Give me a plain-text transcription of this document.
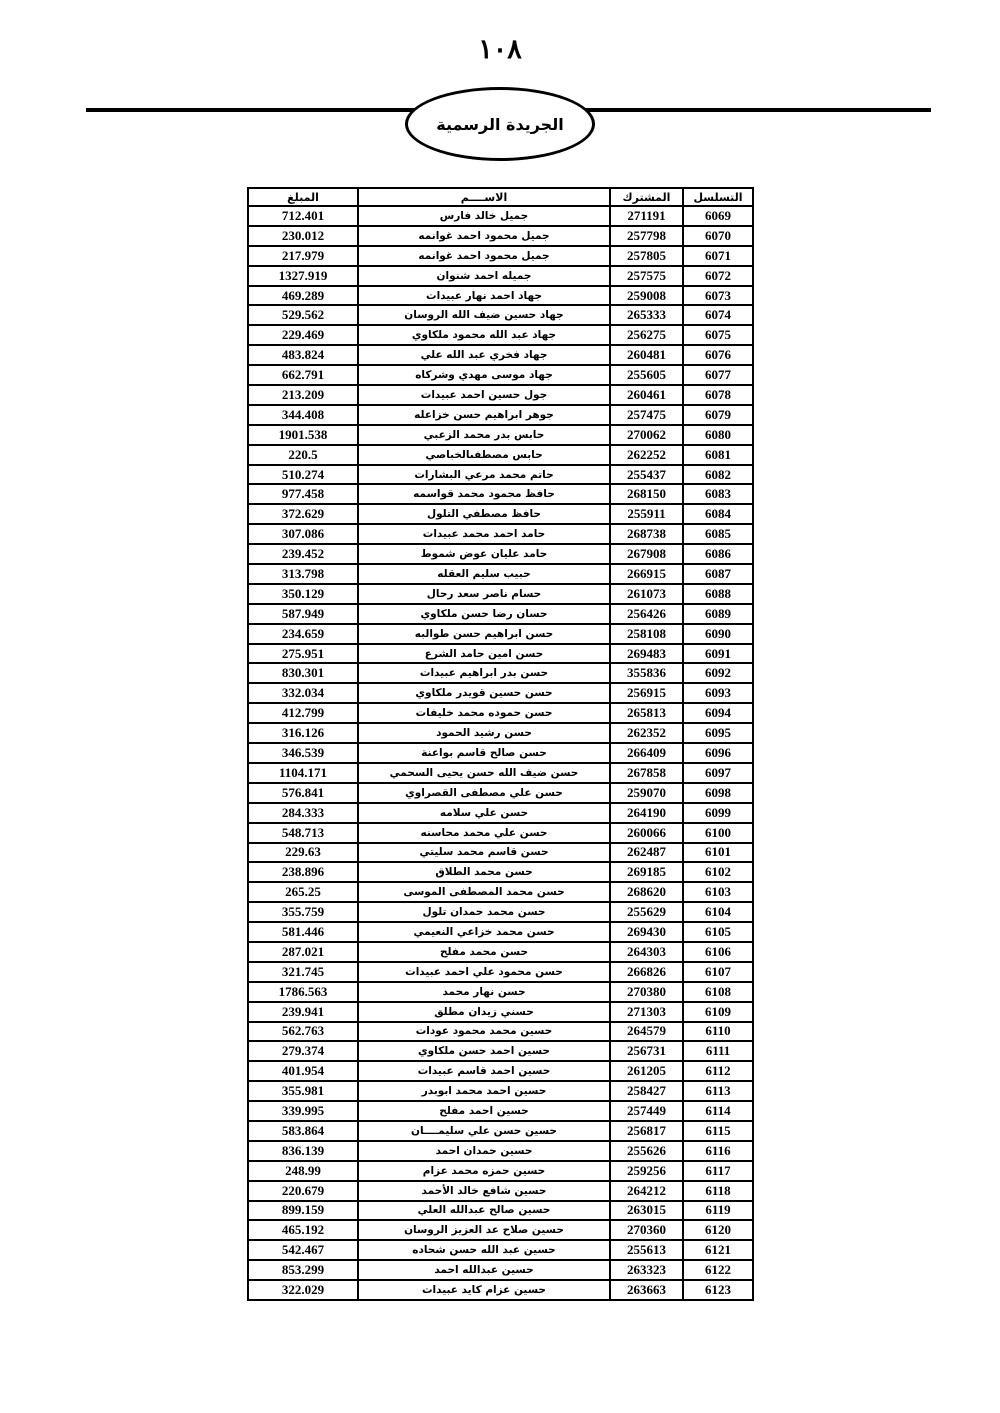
١٠٨
الجريدة الرسمية
التسلسل	المشترك	الاســــم	المبلغ
6069	271191	جميل خالد فارس	712.401
6070	257798	جميل محمود احمد غوانمه	230.012
6071	257805	جميل محمود احمد غوانمه	217.979
6072	257575	جميله احمد شنوان	1327.919
6073	259008	جهاد احمد نهار عبيدات	469.289
6074	265333	جهاد حسين ضيف الله الروسان	529.562
6075	256275	جهاد عبد الله محمود ملكاوي	229.469
6076	260481	جهاد فخري عبد الله علي	483.824
6077	255605	جهاد موسى مهدي وشركاه	662.791
6078	260461	جول حسين احمد عبيدات	213.209
6079	257475	جوهر ابراهيم حسن خزاعله	344.408
6080	270062	حابس بدر محمد الزعبي	1901.538
6081	262252	حابس مصطفىالخباصي	220.5
6082	255437	حاتم محمد مرعي البشارات	510.274
6083	268150	حافظ محمود محمد قواسمه	977.458
6084	255911	حافظ مصطفي التلول	372.629
6085	268738	حامد احمد محمد عبيدات	307.086
6086	267908	حامد عليان عوض شموط	239.452
6087	266915	حبيب سليم العقله	313.798
6088	261073	حسام ناصر سعد رحال	350.129
6089	256426	حسان رضا حسن ملكاوي	587.949
6090	258108	حسن ابراهيم حسن طوالبه	234.659
6091	269483	حسن امين حامد الشرع	275.951
6092	355836	حسن بدر ابراهيم عبيدات	830.301
6093	256915	حسن حسين قويدر ملكاوي	332.034
6094	265813	حسن حموده محمد خليفات	412.799
6095	262352	حسن رشيد الحمود	316.126
6096	266409	حسن صالح قاسم بواعنة	346.539
6097	267858	حسن ضيف الله حسن يحيى السحمي	1104.171
6098	259070	حسن علي مصطفى القصراوي	576.841
6099	264190	حسن علي سلامه	284.333
6100	260066	حسن علي محمد محاسنه	548.713
6101	262487	حسن قاسم محمد سليتي	229.63
6102	269185	حسن محمد الطلاق	238.896
6103	268620	حسن محمد المصطفى الموسى	265.25
6104	255629	حسن محمد حمدان تلول	355.759
6105	269430	حسن محمد خزاعي النعيمي	581.446
6106	264303	حسن محمد مفلح	287.021
6107	266826	حسن محمود علي احمد عبيدات	321.745
6108	270380	حسن نهار محمد	1786.563
6109	271303	حسني زيدان مطلق	239.941
6110	264579	حسين محمد محمود عودات	562.763
6111	256731	حسين احمد حسن ملكاوي	279.374
6112	261205	حسين احمد قاسم عبيدات	401.954
6113	258427	حسين احمد محمد ابوبدر	355.981
6114	257449	حسين احمد مفلح	339.995
6115	256817	حسين حسن علي سليمــــان	583.864
6116	255626	حسين حمدان احمد	836.139
6117	259256	حسين حمزه محمد عزام	248.99
6118	264212	حسين شافع خالد الأحمد	220.679
6119	263015	حسين صالح عبدالله العلي	899.159
6120	270360	حسين صلاح عد العزيز الروسان	465.192
6121	255613	حسين عبد الله حسن شحاده	542.467
6122	263323	حسين عبدالله احمد	853.299
6123	263663	حسين عزام كايد عبيدات	322.029
